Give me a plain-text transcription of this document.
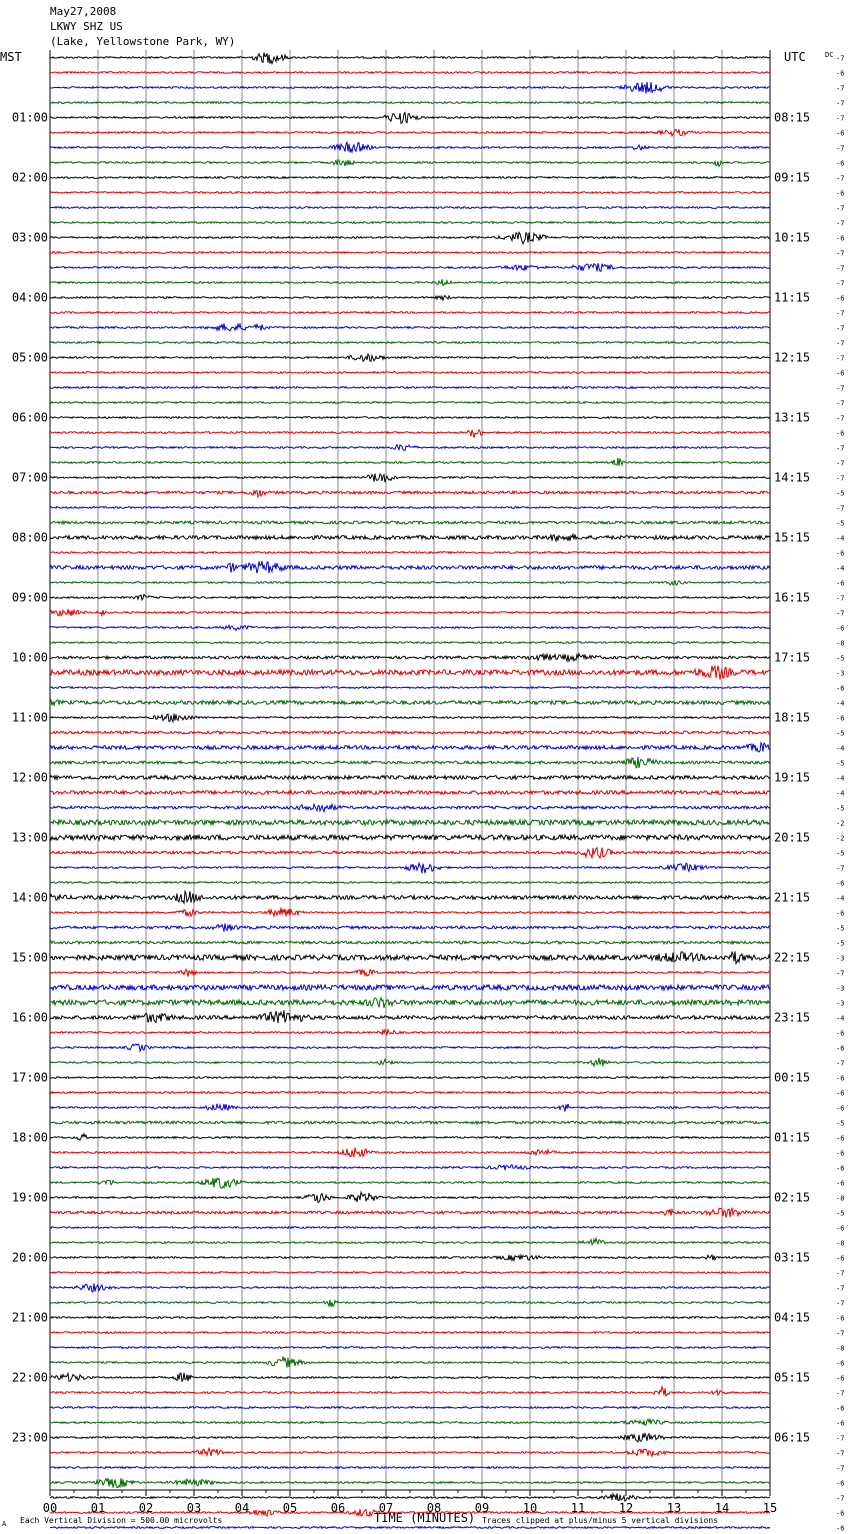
May27,2008
LKWY SHZ US
(Lake, Yellowstone Park, WY)
MST	UTC	DC
01:00	08:15
02:00	09:15
03:00	10:15
04:00	11:15
05:00	12:15
06:00	13:15
07:00	14:15
08:00	15:15
09:00	16:15
10:00	17:15
11:00	18:15
12:00	19:15
13:00	20:15
14:00	21:15
15:00	22:15
16:00	23:15
17:00	00:15
18:00	01:15
19:00	02:15
20:00	03:15
21:00	04:15
22:00	05:15
23:00	06:15
-7
-6
-7
-7
-7
-6
-7
-6
-7
-6
-7
-7
-6
-7
-7
-7
-6
-7
-7
-7
-7
-6
-7
-7
-7
-6
-7
-7
-7
-5
-7
-5
-4
-6
-4
-6
-7
-7
-6
-8
-5
-3
-6
-4
-6
-5
-4
-5
-4
-4
-5
-2
-2
-5
-7
-6
-4
-6
-5
-5
-3
-7
-3
-3
-4
-6
-6
-7
-6
-6
-6
-5
-6
-6
-6
-6
-8
-5
-6
-8
-6
-7
-7
-7
-6
-7
-8
-6
-6
-7
-6
-6
-7
-7
-7
-6
-7
-6
-6
00	01	02	03	04	05	06	07	08	09	10	11	12	13	14	15
A Each Vertical Division = 500.00 microvolts	TIME (MINUTES) Traces clipped at plus/minus 5 vertical divisions
